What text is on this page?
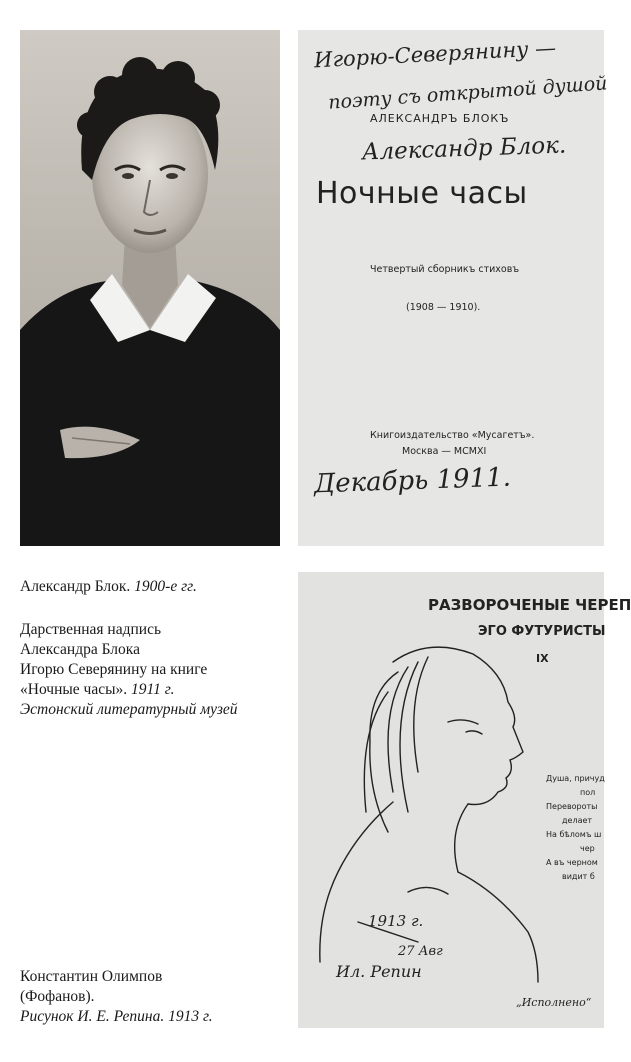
Игорю-Северянину —
поэту съ открытой душой
АЛЕКСАНДРЪ БЛОКЪ
Александр Блок.
Ночные часы
Четвертый сборникъ стиховъ
(1908 — 1910).
Книгоиздательство «Мусагетъ».
Москва — MCMXI
Декабрь 1911.
РАЗВОРОЧЕНЫЕ ЧЕРЕП
ЭГО ФУТУРИСТЫ
IX
Душа, причуд
пол
Перевороты
делает
На бѣломъ ш
чер
А въ черном
видит б
1913 г.
27 Авг
Ил. Репин
„Исполнено“
Александр Блок. 1900-е гг.
Дарственная надпись
Александра Блока
Игорю Северянину на книге
«Ночные часы». 1911 г.
Эстонский литературный музей
Константин Олимпов
(Фофанов).
Рисунок И. Е. Репина. 1913 г.
